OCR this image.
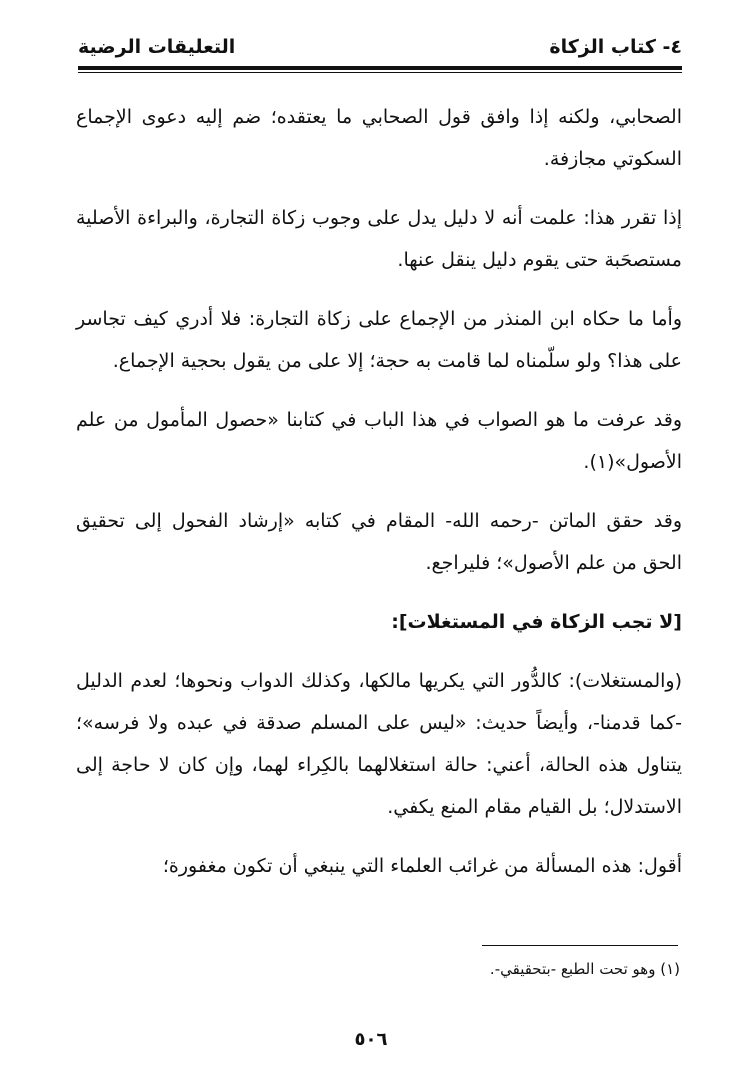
٤- كتاب الزكاة
التعليقات الرضية

الصحابي، ولكنه إذا وافق قول الصحابي ما يعتقده؛ ضم إليه دعوى الإجماع السكوتي مجازفة.

إذا تقرر هذا: علمت أنه لا دليل يدل على وجوب زكاة التجارة، والبراءة الأصلية مستصحَبة حتى يقوم دليل ينقل عنها.

وأما ما حكاه ابن المنذر من الإجماع على زكاة التجارة: فلا أدري كيف تجاسر على هذا؟ ولو سلّمناه لما قامت به حجة؛ إلا على من يقول بحجية الإجماع.

وقد عرفت ما هو الصواب في هذا الباب في كتابنا «حصول المأمول من علم الأصول»(١).

وقد حقق الماتن -رحمه الله- المقام في كتابه «إرشاد الفحول إلى تحقيق الحق من علم الأصول»؛ فليراجع.

[لا تجب الزكاة في المستغلات]:

(والمستغلات): كالدُّور التي يكريها مالكها، وكذلك الدواب ونحوها؛ لعدم الدليل -كما قدمنا-، وأيضاً حديث: «ليس على المسلم صدقة في عبده ولا فرسه»؛ يتناول هذه الحالة، أعني: حالة استغلالهما بالكِراء لهما، وإن كان لا حاجة إلى الاستدلال؛ بل القيام مقام المنع يكفي.

أقول: هذه المسألة من غرائب العلماء التي ينبغي أن تكون مغفورة؛

(١) وهو تحت الطبع -بتحقيقي-.
٥٠٦
